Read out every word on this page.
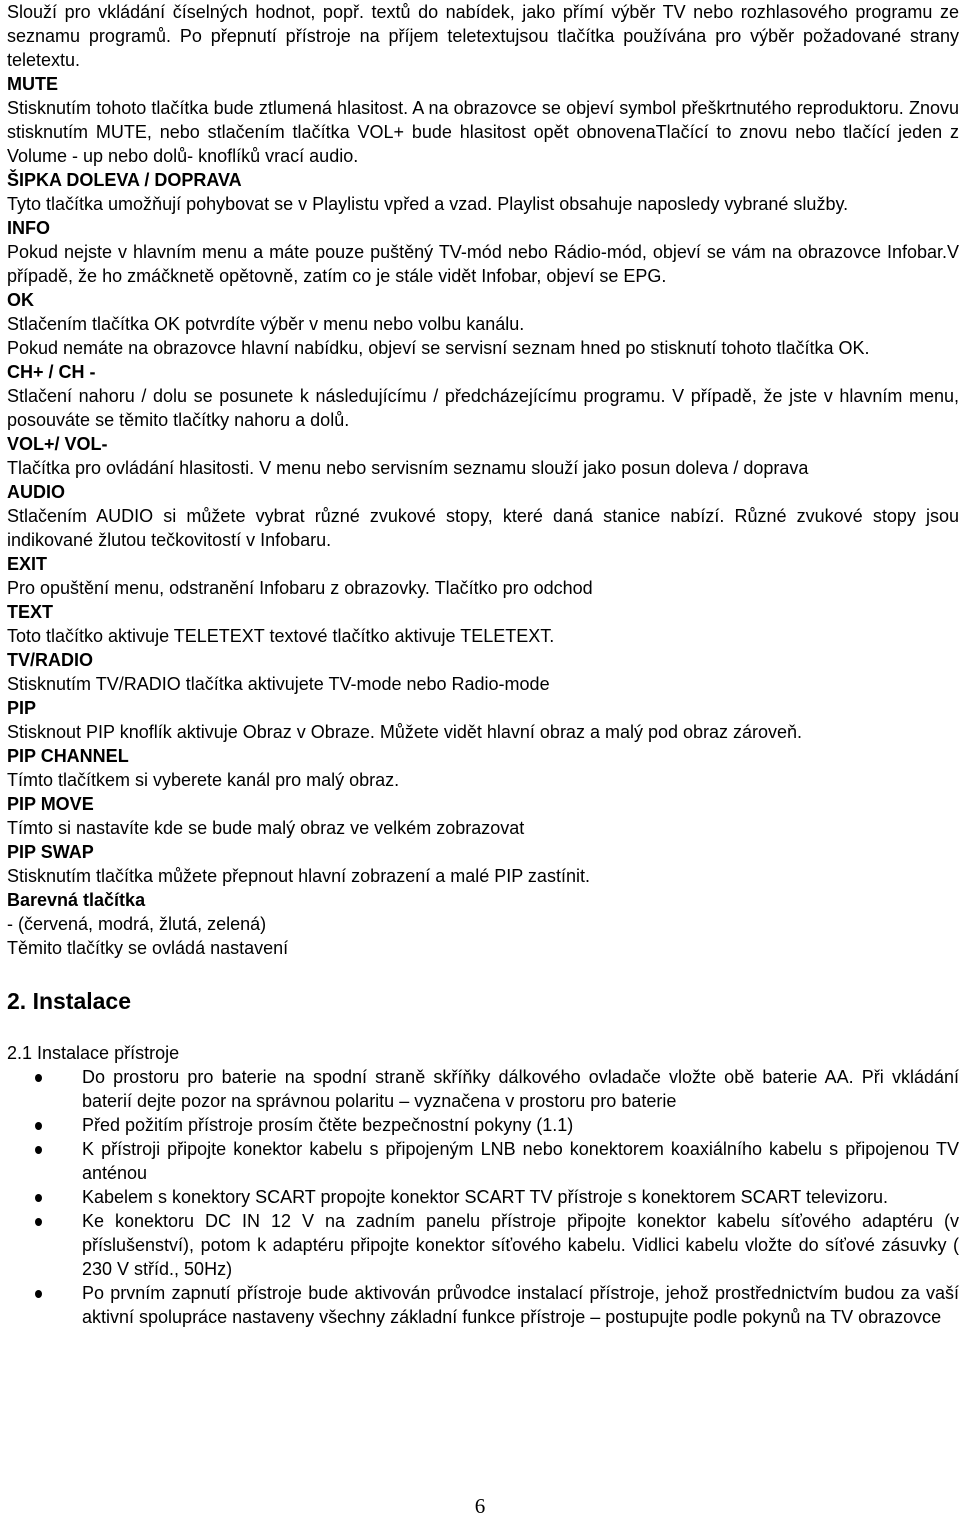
Slouží pro vkládání číselných hodnot, popř. textů do nabídek, jako přímí výběr TV nebo rozhlasového programu ze seznamu programů. Po přepnutí přístroje na příjem teletextujsou tlačítka používána pro výběr požadované strany teletextu.

MUTE

Stisknutím tohoto tlačítka bude ztlumená hlasitost. A na obrazovce se objeví symbol přeškrtnutého reproduktoru. Znovu stisknutím MUTE, nebo stlačením tlačítka VOL+ bude hlasitost opět obnovenaTlačící to znovu nebo tlačící jeden z Volume - up nebo dolů- knoflíků vrací audio.

ŠIPKA DOLEVA / DOPRAVA

Tyto tlačítka umožňují pohybovat se v Playlistu vpřed a vzad. Playlist obsahuje naposledy vybrané služby.

INFO

Pokud nejste v hlavním menu a máte pouze puštěný TV-mód nebo Rádio-mód, objeví se vám na obrazovce Infobar.V případě, že ho zmáčknetě opětovně, zatím co je stále vidět Infobar, objeví se EPG.

OK

Stlačením tlačítka OK potvrdíte výběr v menu nebo volbu kanálu.

Pokud nemáte na obrazovce hlavní nabídku, objeví se servisní seznam hned po stisknutí tohoto tlačítka OK.

CH+ / CH -

Stlačení nahoru / dolu se posunete k následujícímu / předcházejícímu programu. V případě, že jste v hlavním menu, posouváte se těmito tlačítky nahoru a dolů.

VOL+/ VOL-

Tlačítka pro ovládání hlasitosti. V menu nebo servisním seznamu slouží jako posun doleva / doprava

AUDIO

Stlačením AUDIO si můžete vybrat různé zvukové stopy, které daná stanice nabízí. Různé zvukové stopy jsou indikované žlutou tečkovitostí v Infobaru.

EXIT

Pro opuštění menu, odstranění Infobaru z obrazovky. Tlačítko pro odchod

TEXT

Toto tlačítko aktivuje TELETEXT textové tlačítko aktivuje TELETEXT.

TV/RADIO

Stisknutím TV/RADIO tlačítka aktivujete TV-mode nebo Radio-mode

PIP

Stisknout PIP knoflík aktivuje Obraz v Obraze. Můžete vidět hlavní obraz a malý pod obraz zároveň.

PIP CHANNEL

Tímto tlačítkem si vyberete kanál pro malý obraz.

PIP MOVE

Tímto si nastavíte kde se bude malý obraz ve velkém zobrazovat

PIP SWAP

Stisknutím tlačítka můžete přepnout hlavní zobrazení a malé PIP zastínit.

Barevná tlačítka

- (červená, modrá, žlutá, zelená)

Těmito tlačítky se ovládá nastavení

2. Instalace

2.1 Instalace přístroje

Do prostoru pro baterie na spodní straně skříňky dálkového ovladače vložte obě baterie AA. Při vkládání baterií dejte pozor na správnou polaritu – vyznačena v prostoru pro baterie
Před požitím přístroje prosím čtěte bezpečnostní pokyny (1.1)
K přístroji připojte konektor kabelu s připojeným LNB nebo konektorem koaxiálního kabelu s připojenou TV anténou
Kabelem s konektory SCART propojte konektor SCART TV přístroje s konektorem SCART televizoru.
Ke konektoru DC IN 12 V na zadním panelu přístroje připojte konektor kabelu síťového adaptéru (v příslušenství), potom k adaptéru připojte konektor síťového kabelu. Vidlici kabelu vložte do síťové zásuvky ( 230 V stříd., 50Hz)
Po prvním zapnutí přístroje bude aktivován průvodce instalací přístroje, jehož prostřednictvím budou za vaší aktivní spolupráce nastaveny všechny základní funkce přístroje – postupujte podle pokynů na TV obrazovce
6
